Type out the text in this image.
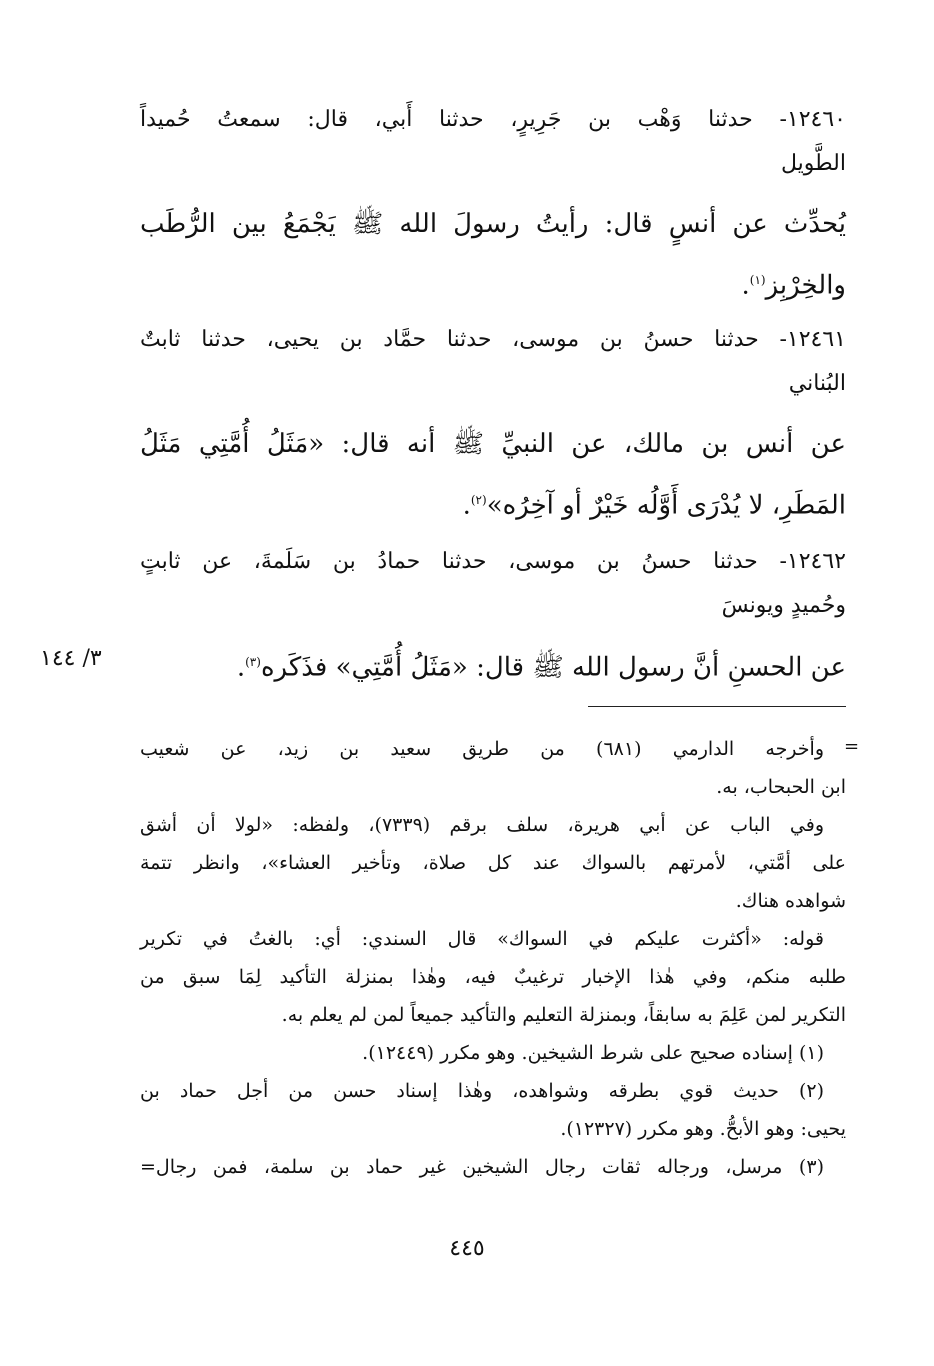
١٢٤٦٠- حدثنا وَهْب بن جَرِيرٍ، حدثنا أَبي، قال: سمعتُ حُميداً
الطَّويل
يُحدِّث عن أنسٍ قال: رأيتُ رسولَ الله ﷺ يَجْمَعُ بين الرُّطَب
والخِرْبِز$^{(١)}$.
١٢٤٦١- حدثنا حسنُ بن موسى، حدثنا حمَّاد بن يحيى، حدثنا ثابتٌ
البُناني
عن أنس بن مالك، عن النبيِّ ﷺ أنه قال: «مَثَلُ أُمَّتِي مَثَلُ
المَطَرِ، لا يُدْرَى أَوَّلُه خَيْرٌ أو آخِرُه»$^{(٢)}$.
١٢٤٦٢- حدثنا حسنُ بن موسى، حدثنا حمادُ بن سَلَمةَ، عن ثابتٍ
وحُميدٍ ويونسَ
عن الحسنِ أنَّ رسول الله ﷺ قال: «مَثَلُ أُمَّتِي» فذَكَره$^{(٣)}$.
٣/ ١٤٤
=
وأخرجه الدارمي (٦٨١) من طريق سعيد بن زيد، عن شعيب
ابن الحبحاب، به.
وفي الباب عن أبي هريرة، سلف برقم (٧٣٣٩)، ولفظه: «لولا أن أشق
على أمَّتي، لأمرتهم بالسواك عند كل صلاة، وتأخير العشاء»، وانظر تتمة
شواهده هناك.
قوله: «أكثرت عليكم في السواك» قال السندي: أي: بالغتُ في تكرير
طلبه منكم، وفي هٰذا الإخبار ترغيبٌ فيه، وهٰذا بمنزلة التأكيد لِمَا سبق من
التكرير لمن عَلِمَ به سابقاً، وبمنزلة التعليم والتأكيد جميعاً لمن لم يعلم به.
(١) إسناده صحيح على شرط الشيخين. وهو مكرر (١٢٤٤٩).
(٢) حديث قوي بطرقه وشواهده، وهٰذا إسناد حسن من أجل حماد بن
يحيى: وهو الأبحُّ. وهو مكرر (١٢٣٢٧).
(٣) مرسل، ورجاله ثقات رجال الشيخين غير حماد بن سلمة، فمن رجال=
٤٤٥
